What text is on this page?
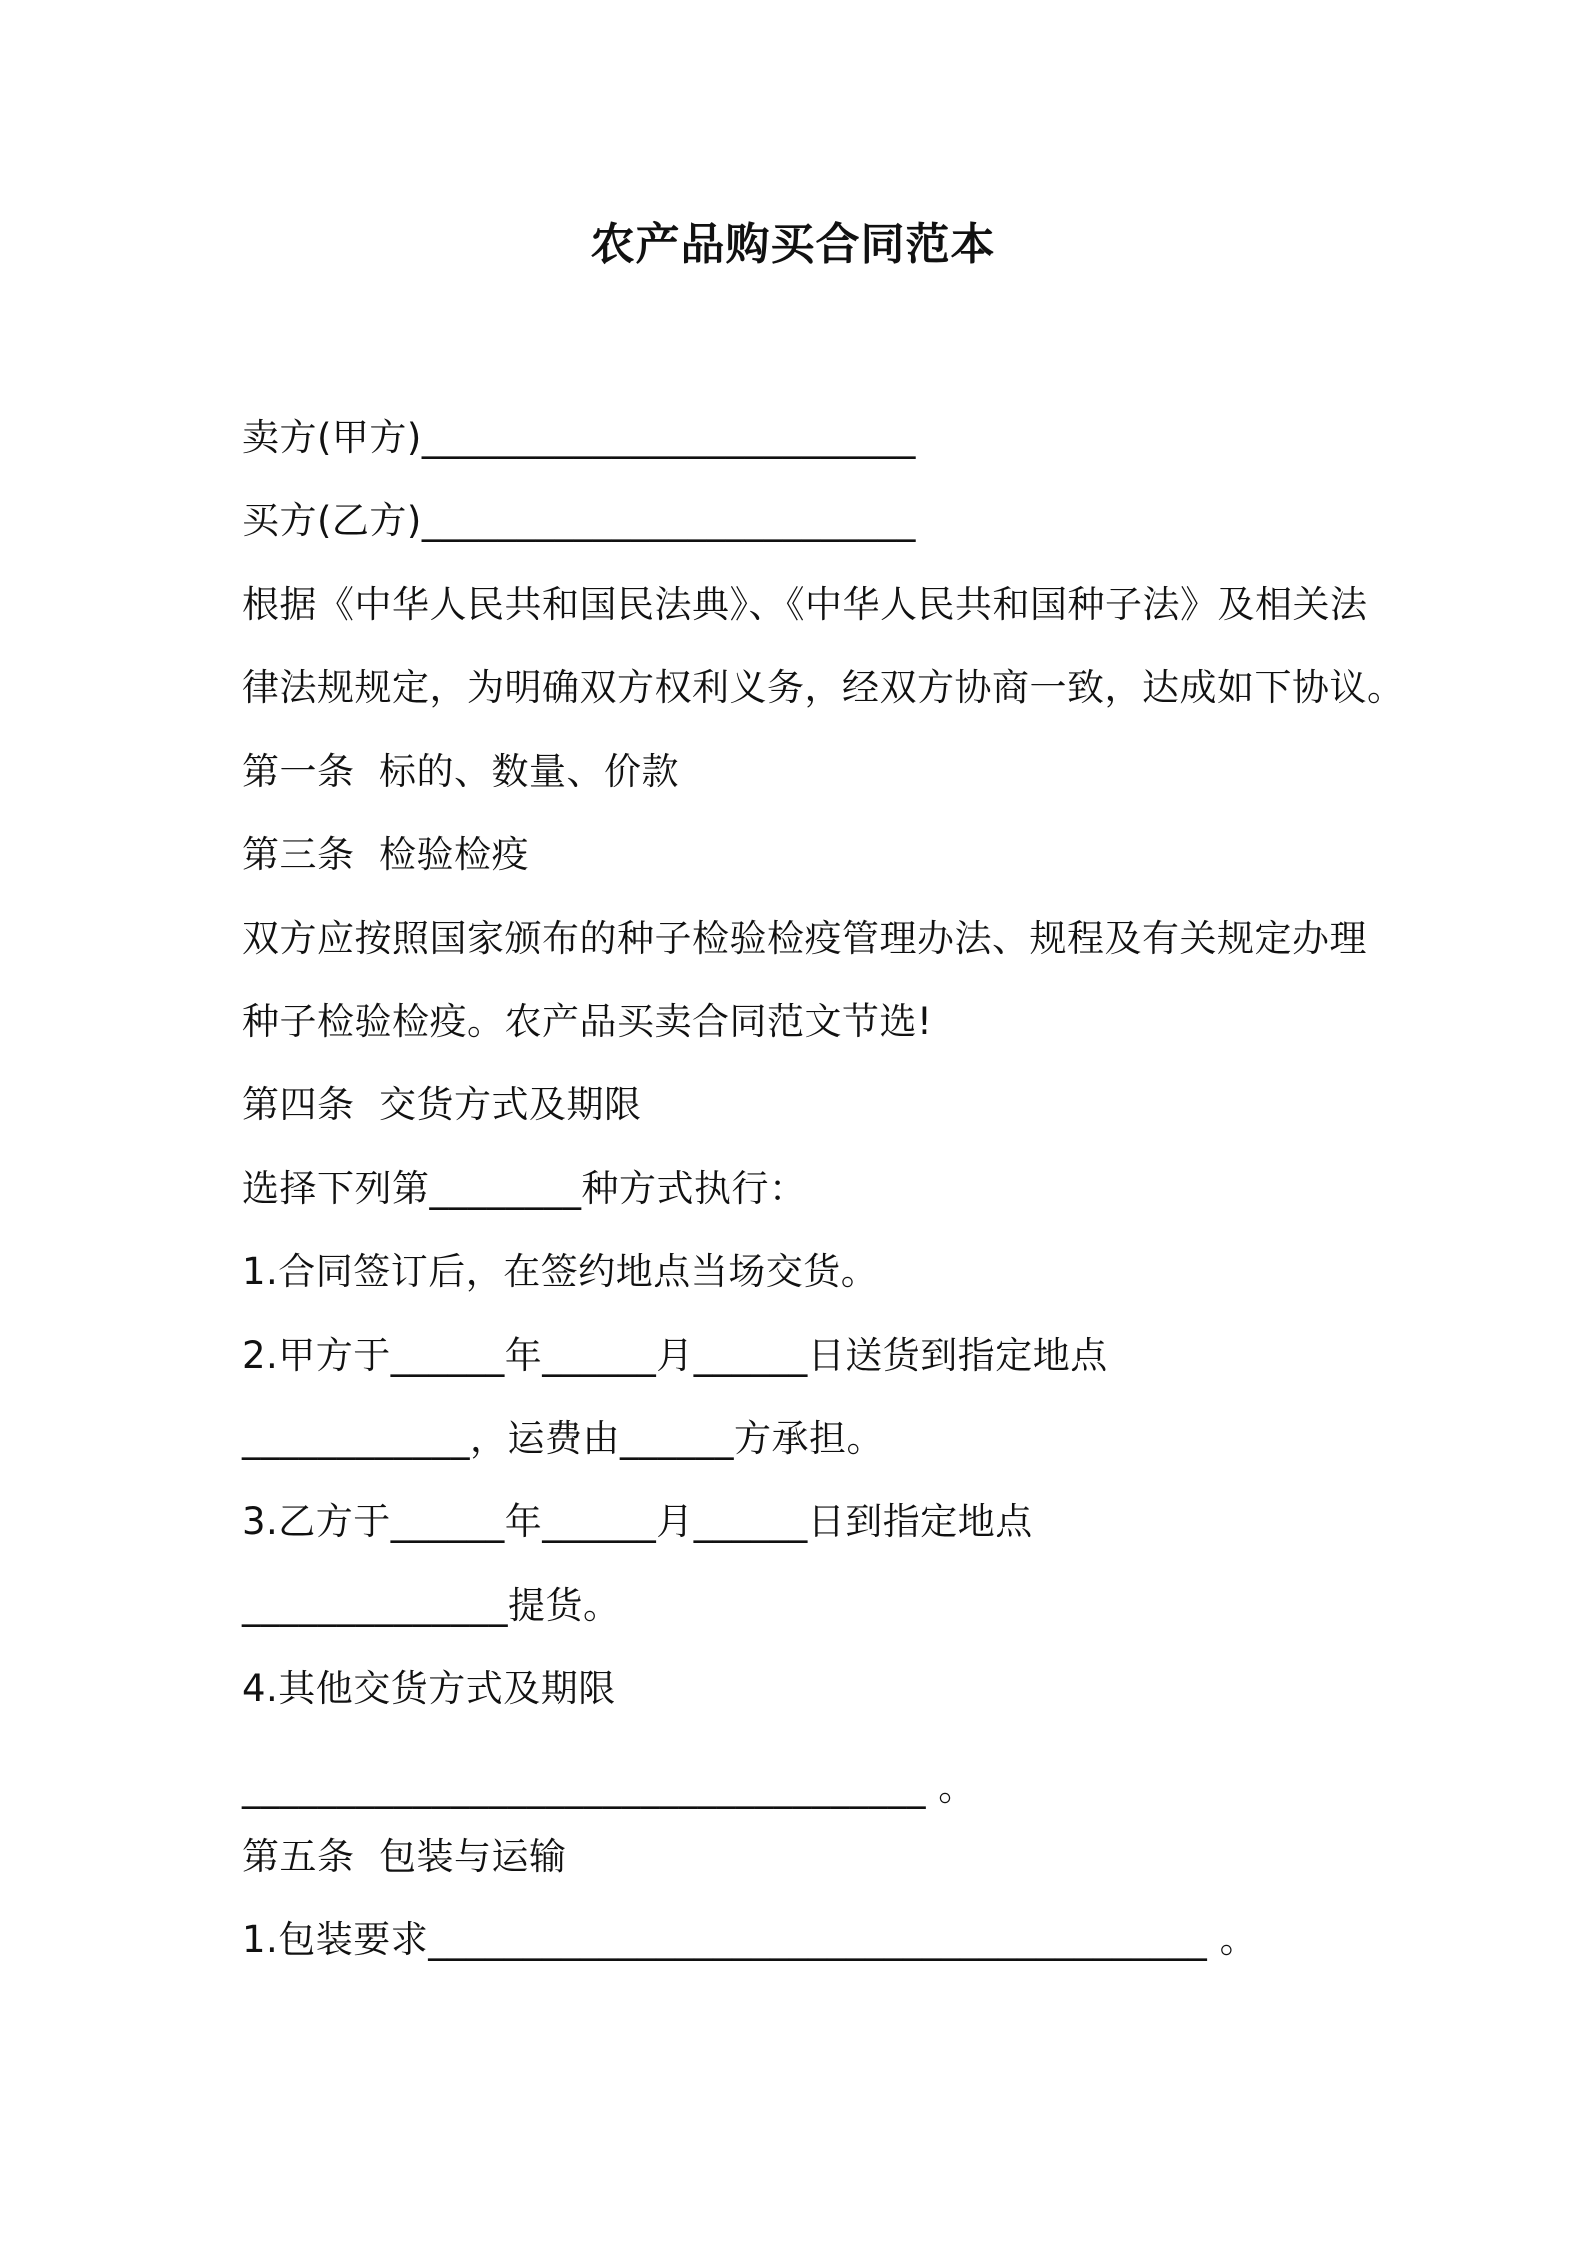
农产品购买合同范本
卖方(甲方)__________________________
买方(乙方)__________________________
根据《中华人民共和国民法典》、《中华人民共和国种子法》及相关法
律法规规定，为明确双方权利义务，经双方协商一致，达成如下协议。
第一条  标的、数量、价款
第三条  检验检疫
双方应按照国家颁布的种子检验检疫管理办法、规程及有关规定办理
种子检验检疫。农产品买卖合同范文节选!
第四条  交货方式及期限
选择下列第________种方式执行：
1.合同签订后，在签约地点当场交货。
2.甲方于______年______月______日送货到指定地点
____________，运费由______方承担。
3.乙方于______年______月______日到指定地点
______________提货。
4.其他交货方式及期限
____________________________________ 。
第五条  包装与运输
1.包装要求_________________________________________ 。
